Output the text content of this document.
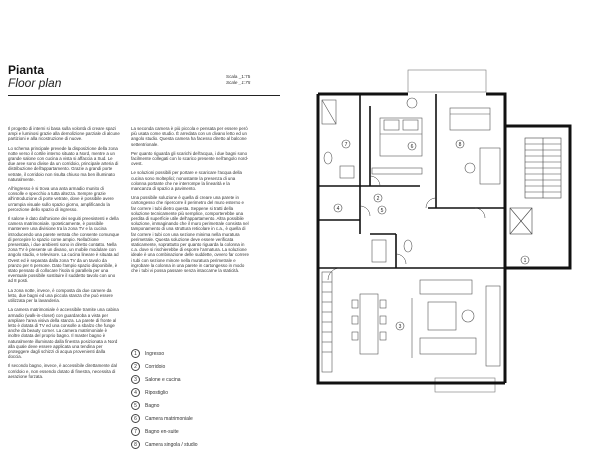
Pianta
Floor plan	Scala _1:75
Scale _1:75

Il progetto di interni si basa sulla volontà di creare spazi ampi e luminosi grazie alla demolizione parziale di alcune partizioni e alla ricostruzione di nuove.

Lo schema principale prevede la disposizione della zona notte verso il cortile interno situato a Nord, mentre a un grande salone con cucina a vista si affaccia a Sud. Le due aree sono divise da un corridoio, principale arteria di distribuzione dell'appartamento. Grazie a grandi porte vetrate, il corridoio non risulta chiuso ma ben illuminato naturalmente.

All'ingresso è si trova una anta armadio munito di consolle e specchio a tutta altezza. Sempre grazie all'introduzione di porte vetrate, dove è possibile avere un'ampia visuale sullo spazio giorno, amplificando la percezione dello spazio di ingresso.

Il salone è dato dall'unione dei seguiti preesistenti e della camera matrimoniale. Ipoteticamente, è possibile mantenere una divisione tra la zona TV e la cucina introducendo una parete vetrata che consente comunque di percepire lo spazio come ampio. Nella/zione presentata, i due ambienti sono in diretto contatto. Nella zona TV è presente un divano, un mobile modulare con angolo studio, e televisore. La cucina lineare è situata ad Ovest ed è separata dalla zona TV da un tavolo da pranzo per 6 persone. Dato l'ampio spazio disponibile, è stato pensato di collocare l'isola si parallela per una eventuale possibile sostituire il suddetto tavolo con uno ad 8 posti.

La zona notte, invece, è composta da due camere da letto, due bagni ed una piccola stanza che può essere utilizzata per la lavanderia.

La camera matrimoniale è accessibile tramite una cabina armadio (walk-in-closet) con guardaroba a vista per ampliare l'area visiva della stanza. La parete di fronte al letto è dotata di TV ed una consolle a sbalzo che funge anche da beauty corner. La camera matrimoniale è inoltre dotata del proprio bagno. Il master bagno è naturalmente illuminato dalla finestra posizionata a Nord alla quale deve essere applicata una tendina per proteggere dagli schizzi di acqua provenienti dalla doccia.

Il secondo bagno, invece, è accessibile direttamente dal corridoio e, non essendo dotato di finestra, necessita di aerazione forzata.

La seconda camera è più piccola e pensata per essere però più usata come studio. È arredata con un divano letto ed un angolo studio. Questa camera ha facesso diretto al balcone settentrionale.

Per quanto riguarda gli scarichi dell'acqua, i due bagni sono facilmente collegati con lo scarico presente nell'angolo nord-ovest.

Le soluzioni possibili per portare e scaricare l'acqua della cucina sono molteplici; nonostante la presenza di una colonna portante che ne interrompe la linearità e la mancanza di spazio a pavimento.

Una possibile soluzione è quella di creare una parete in cartongesso che ripercorre il perimetro del muro esterno e far correre i tubi dietro questa. Seppene si tratti della soluzione tecnicamente più semplice, comporterebbe una perdita di superficie utile dell'appartamento. Altra possibile soluzione, immaginando che il muro perimetrale consista nel tamponamento di una struttura reticolare in c.a., è quella di far correre i tubi con una sezione minima nella muratura perimetrale. Questa soluzione deve essere verificata staticamente, soprattutto per quanto riguarda la colonna in c.a. dove si rischierebbe di esporre l'armatura. La soluzione ideale è una combinazione delle suddette, ovvero far correre i tubi con sezione minore nella muratura perimetrale e ingrobare la colonna in una parete in cartongesso in modo che i tubi vi possa passare senza intaccarne la staticità.

1	Ingresso
2	Corridoio
3	Salone e cucina
4	Ripostiglio
5	Bagno
6	Camera matrimoniale
7	Bagno en-suite
8	Camera singola / studio
1
2
3
4	5
6
7	8
